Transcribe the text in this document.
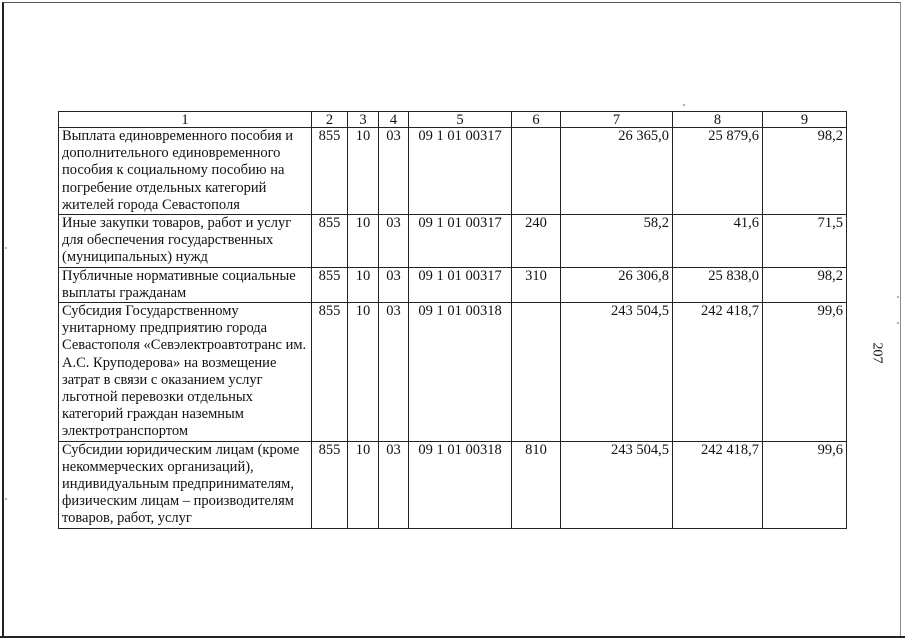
1	2	3	4	5	6	7	8	9
Выплата единовременного пособия и дополнительного единовременного пособия к социальному пособию на погребение отдельных категорий жителей города Севастополя	855	10	03	09 1 01 00317		26 365,0	25 879,6	98,2
Иные закупки товаров, работ и услуг для обеспечения государственных (муниципальных) нужд	855	10	03	09 1 01 00317	240	58,2	41,6	71,5
Публичные нормативные социальные выплаты гражданам	855	10	03	09 1 01 00317	310	26 306,8	25 838,0	98,2
Субсидия Государственному унитарному предприятию города Севастополя «Севэлектроавтотранс им. А.С. Круподерова» на возмещение затрат в связи с оказанием услуг льготной перевозки отдельных категорий граждан наземным электротранспортом	855	10	03	09 1 01 00318		243 504,5	242 418,7	99,6
Субсидии юридическим лицам (кроме некоммерческих организаций), индивидуальным предпринимателям, физическим лицам – производителям товаров, работ, услуг	855	10	03	09 1 01 00318	810	243 504,5	242 418,7	99,6
207
